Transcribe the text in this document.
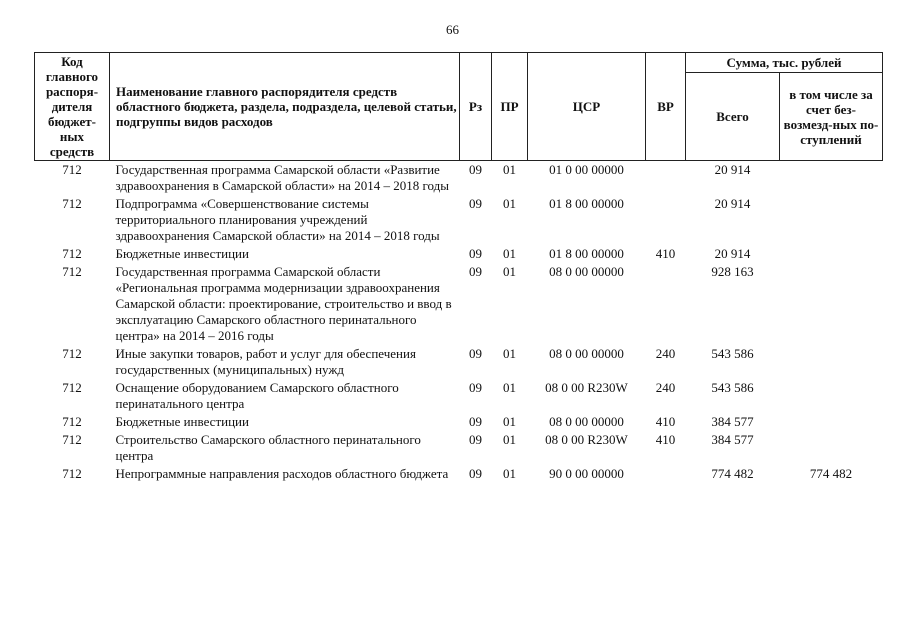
66
Код главного распоря-дителя бюджет-ных средств	Наименование главного распорядителя средств областного бюджета, раздела, подраздела, целевой статьи, подгруппы видов расходов	Рз	ПР	ЦСР	ВР	Сумма, тыс. рублей	
						Всего	в том числе за счет без-возмезд-ных по-ступлений
712	Государственная программа Самарской области «Развитие здравоохранения в Самарской области» на 2014 – 2018 годы	09	01	01 0 00 00000		20 914	
712	Подпрограмма «Совершенствование системы территориального планирования учреждений здравоохранения Самарской области» на 2014 – 2018 годы	09	01	01 8 00 00000		20 914	
712	Бюджетные инвестиции	09	01	01 8 00 00000	410	20 914	
712	Государственная программа Самарской области «Региональная программа модернизации здравоохранения Самарской области: проектирование, строительство и ввод в эксплуатацию Самарского областного перинатального центра» на 2014 – 2016 годы	09	01	08 0 00 00000		928 163	
712	Иные закупки товаров, работ и услуг для обеспечения государственных (муниципальных) нужд	09	01	08 0 00 00000	240	543 586	
712	Оснащение оборудованием Самарского областного перинатального центра	09	01	08 0 00 R230W	240	543 586	
712	Бюджетные инвестиции	09	01	08 0 00 00000	410	384 577	
712	Строительство Самарского областного перинатального центра	09	01	08 0 00 R230W	410	384 577	
712	Непрограммные направления расходов областного бюджета	09	01	90 0 00 00000		774 482	774 482
